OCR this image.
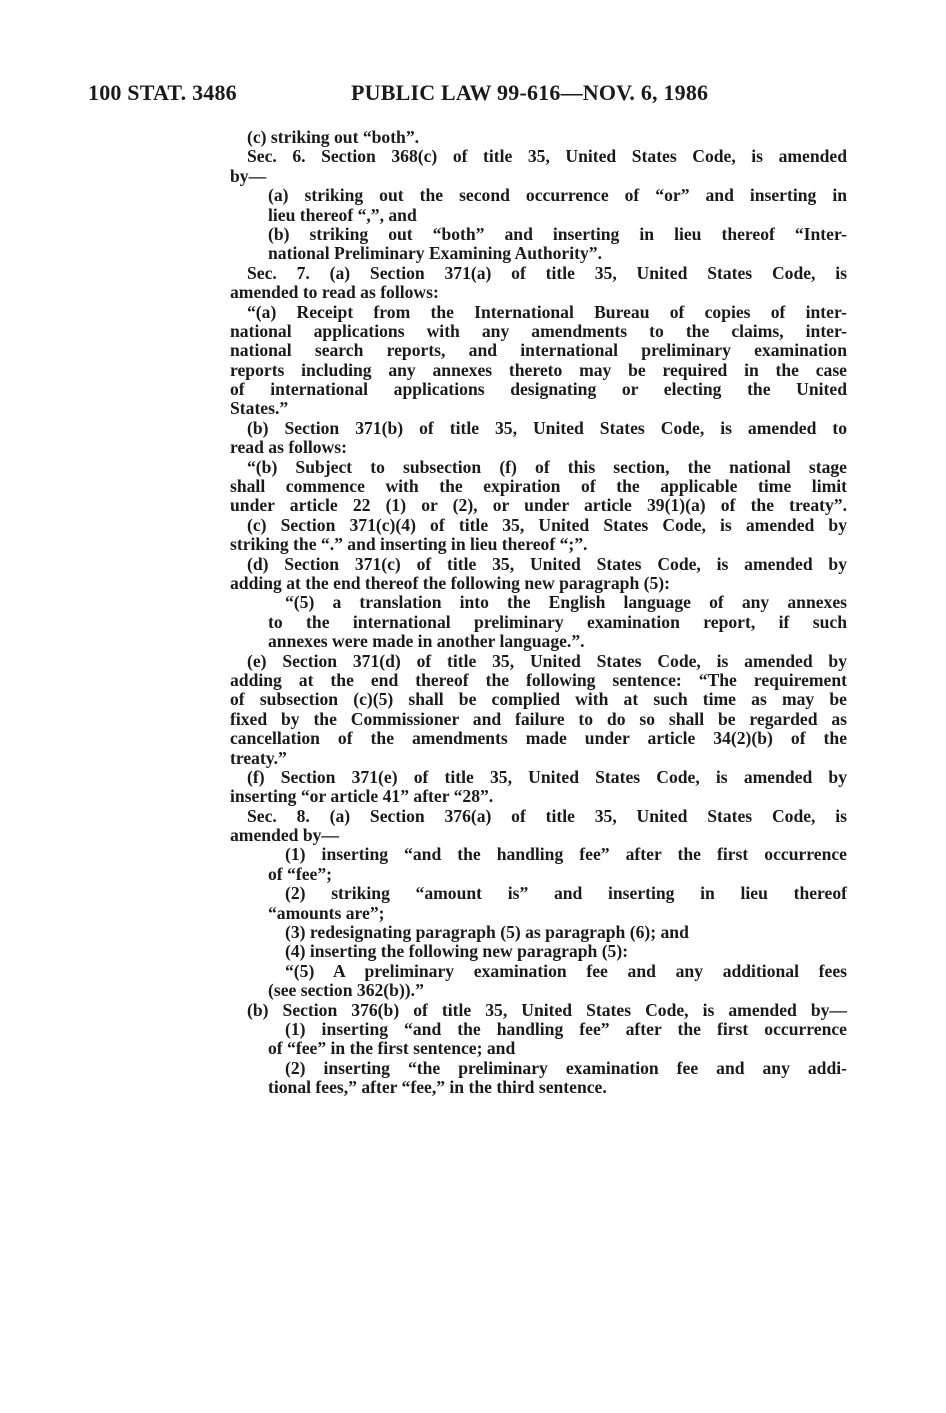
100 STAT. 3486	PUBLIC LAW 99-616—NOV. 6, 1986
(c) striking out “both”.
Sec. 6. Section 368(c) of title 35, United States Code, is amended
by—
(a) striking out the second occurrence of “or” and inserting in
lieu thereof “,”, and
(b) striking out “both” and inserting in lieu thereof “Inter-
national Preliminary Examining Authority”.
Sec. 7. (a) Section 371(a) of title 35, United States Code, is
amended to read as follows:
“(a) Receipt from the International Bureau of copies of inter-
national applications with any amendments to the claims, inter-
national search reports, and international preliminary examination
reports including any annexes thereto may be required in the case
of international applications designating or electing the United
States.”
(b) Section 371(b) of title 35, United States Code, is amended to
read as follows:
“(b) Subject to subsection (f) of this section, the national stage
shall commence with the expiration of the applicable time limit
under article 22 (1) or (2), or under article 39(1)(a) of the treaty”.
(c) Section 371(c)(4) of title 35, United States Code, is amended by
striking the “.” and inserting in lieu thereof “;”.
(d) Section 371(c) of title 35, United States Code, is amended by
adding at the end thereof the following new paragraph (5):
“(5) a translation into the English language of any annexes
to the international preliminary examination report, if such
annexes were made in another language.”.
(e) Section 371(d) of title 35, United States Code, is amended by
adding at the end thereof the following sentence: “The requirement
of subsection (c)(5) shall be complied with at such time as may be
fixed by the Commissioner and failure to do so shall be regarded as
cancellation of the amendments made under article 34(2)(b) of the
treaty.”
(f) Section 371(e) of title 35, United States Code, is amended by
inserting “or article 41” after “28”.
Sec. 8. (a) Section 376(a) of title 35, United States Code, is
amended by—
(1) inserting “and the handling fee” after the first occurrence
of “fee”;
(2) striking “amount is” and inserting in lieu thereof
“amounts are”;
(3) redesignating paragraph (5) as paragraph (6); and
(4) inserting the following new paragraph (5):
“(5) A preliminary examination fee and any additional fees
(see section 362(b)).”
(b) Section 376(b) of title 35, United States Code, is amended by—
(1) inserting “and the handling fee” after the first occurrence
of “fee” in the first sentence; and
(2) inserting “the preliminary examination fee and any addi-
tional fees,” after “fee,” in the third sentence.
